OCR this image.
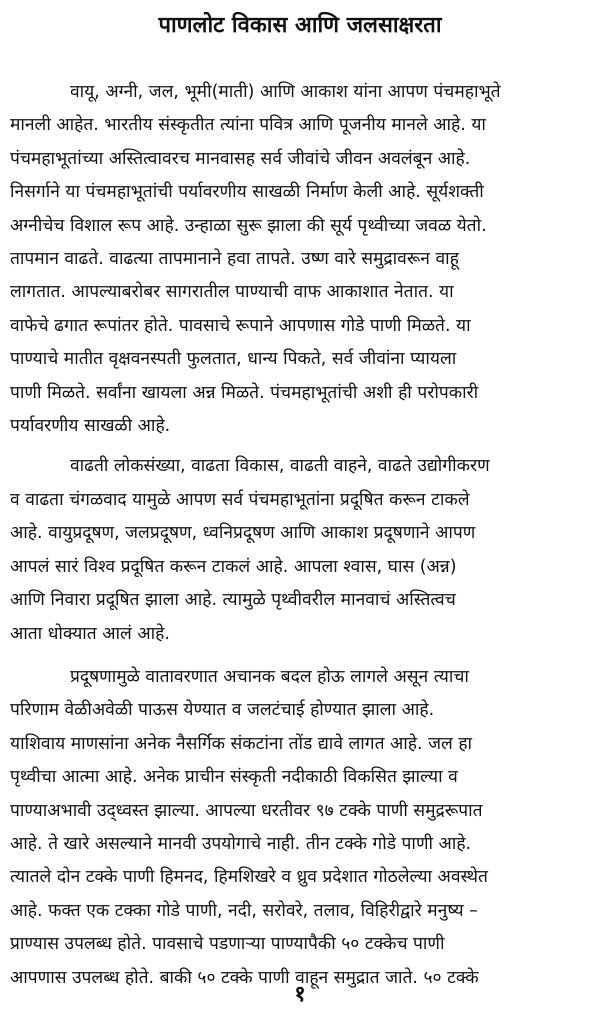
पाणलोट विकास आणि जलसाक्षरता

वायू, अग्नी, जल, भूमी(माती) आणि आकाश यांना आपण पंचमहाभूते

मानली आहेत. भारतीय संस्कृतीत त्यांना पवित्र आणि पूजनीय मानले आहे. या

पंचमहाभूतांच्या अस्तित्वावरच मानवासह सर्व जीवांचे जीवन अवलंबून आहे.

निसर्गाने या पंचमहाभूतांची पर्यावरणीय साखळी निर्माण केली आहे. सूर्यशक्ती

अग्नीचेच विशाल रूप आहे. उन्हाळा सुरू झाला की सूर्य पृथ्वीच्या जवळ येतो.

तापमान वाढते. वाढत्या तापमानाने हवा तापते. उष्ण वारे समुद्रावरून वाहू

लागतात. आपल्याबरोबर सागरातील पाण्याची वाफ आकाशात नेतात. या

वाफेचे ढगात रूपांतर होते. पावसाचे रूपाने आपणास गोडे पाणी मिळते. या

पाण्याचे मातीत वृक्षवनस्पती फुलतात, धान्य पिकते, सर्व जीवांना प्यायला

पाणी मिळते. सर्वांना खायला अन्न मिळते. पंचमहाभूतांची अशी ही परोपकारी

पर्यावरणीय साखळी आहे.

वाढती लोकसंख्या, वाढता विकास, वाढती वाहने, वाढते उद्योगीकरण

व वाढता चंगळवाद यामुळे आपण सर्व पंचमहाभूतांना प्रदूषित करून टाकले

आहे. वायुप्रदूषण, जलप्रदूषण, ध्वनिप्रदूषण आणि आकाश प्रदूषणाने आपण

आपलं सारं विश्व प्रदूषित करून टाकलं आहे. आपला श्वास, घास (अन्न)

आणि निवारा प्रदूषित झाला आहे. त्यामुळे पृथ्वीवरील मानवाचं अस्तित्वच

आता धोक्यात आलं आहे.

प्रदूषणामुळे वातावरणात अचानक बदल होऊ लागले असून त्याचा

परिणाम वेळीअवेळी पाऊस येण्यात व जलटंचाई होण्यात झाला आहे.

याशिवाय माणसांना अनेक नैसर्गिक संकटांना तोंड द्यावे लागत आहे. जल हा

पृथ्वीचा आत्मा आहे. अनेक प्राचीन संस्कृती नदीकाठी विकसित झाल्या व

पाण्याअभावी उद्ध्वस्त झाल्या. आपल्या धरतीवर ९७ टक्के पाणी समुद्ररूपात

आहे. ते खारे असल्याने मानवी उपयोगाचे नाही. तीन टक्के गोडे पाणी आहे.

त्यातले दोन टक्के पाणी हिमनद, हिमशिखरे व ध्रुव प्रदेशात गोठलेल्या अवस्थेत

आहे. फक्त एक टक्का गोडे पाणी, नदी, सरोवरे, तलाव, विहिरीद्वारे मनुष्य –

प्राण्यास उपलब्ध होते. पावसाचे पडणाऱ्या पाण्यापैकी ५० टक्केच पाणी

आपणास उपलब्ध होते. बाकी ५० टक्के पाणी वाहून समुद्रात जाते. ५० टक्के

१
